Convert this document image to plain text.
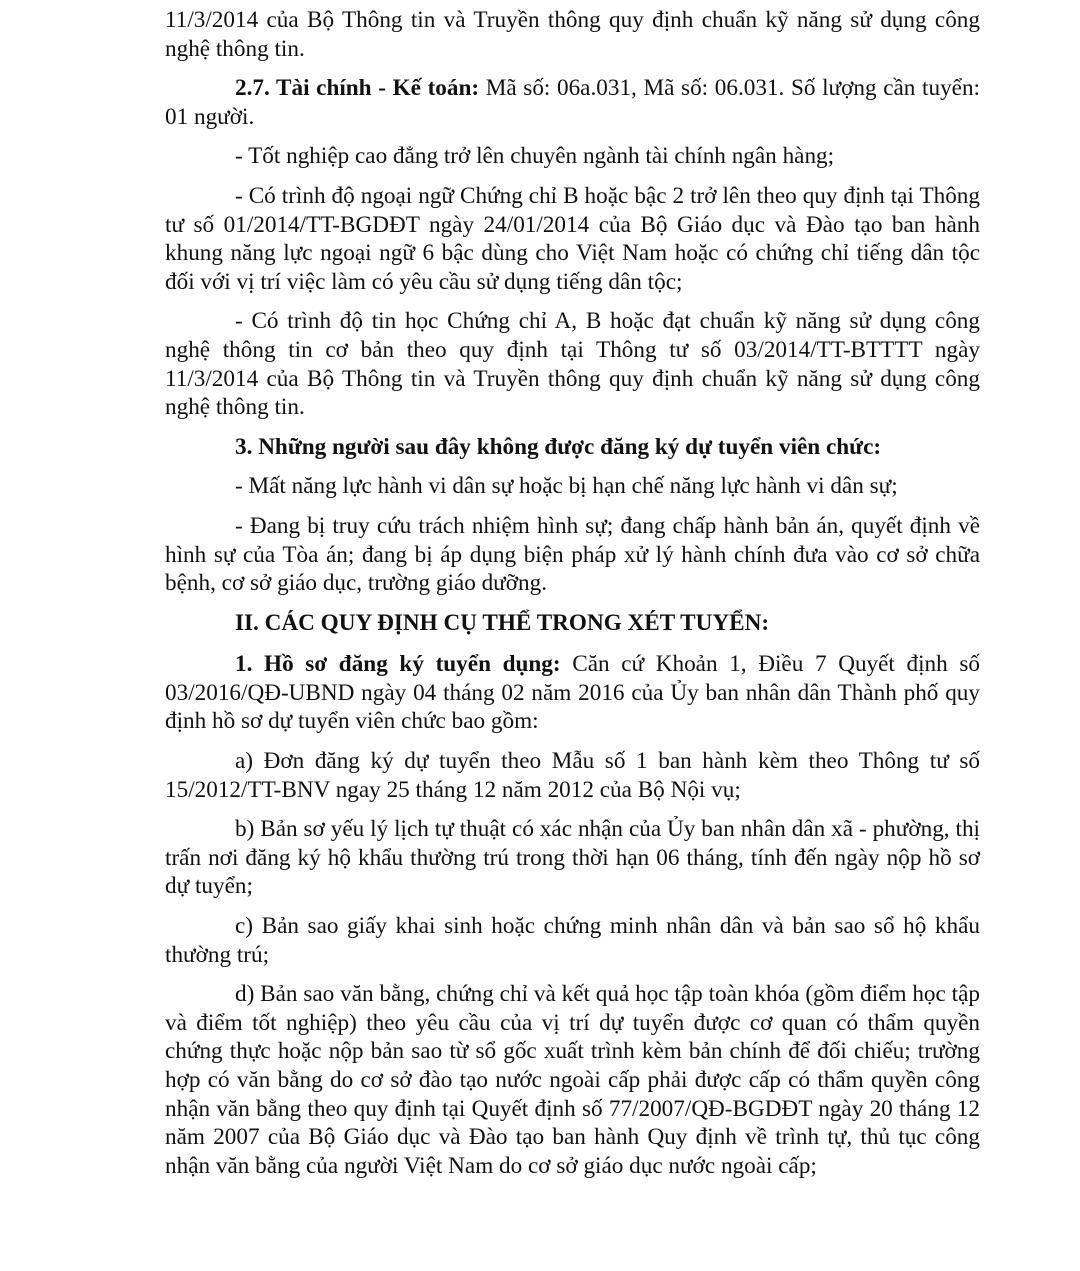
11/3/2014 của Bộ Thông tin và Truyền thông quy định chuẩn kỹ năng sử dụng công nghệ thông tin.

2.7. Tài chính - Kế toán: Mã số: 06a.031, Mã số: 06.031. Số lượng cần tuyển: 01 người.

- Tốt nghiệp cao đẳng trở lên chuyên ngành tài chính ngân hàng;

- Có trình độ ngoại ngữ Chứng chỉ B hoặc bậc 2 trở lên theo quy định tại Thông tư số 01/2014/TT-BGDĐT ngày 24/01/2014 của Bộ Giáo dục và Đào tạo ban hành khung năng lực ngoại ngữ 6 bậc dùng cho Việt Nam hoặc có chứng chỉ tiếng dân tộc đối với vị trí việc làm có yêu cầu sử dụng tiếng dân tộc;

- Có trình độ tin học Chứng chỉ A, B hoặc đạt chuẩn kỹ năng sử dụng công nghệ thông tin cơ bản theo quy định tại Thông tư số 03/2014/TT-BTTTT ngày 11/3/2014 của Bộ Thông tin và Truyền thông quy định chuẩn kỹ năng sử dụng công nghệ thông tin.

3. Những người sau đây không được đăng ký dự tuyển viên chức:

- Mất năng lực hành vi dân sự hoặc bị hạn chế năng lực hành vi dân sự;

- Đang bị truy cứu trách nhiệm hình sự; đang chấp hành bản án, quyết định về hình sự của Tòa án; đang bị áp dụng biện pháp xử lý hành chính đưa vào cơ sở chữa bệnh, cơ sở giáo dục, trường giáo dưỡng.

II. CÁC QUY ĐỊNH CỤ THỂ TRONG XÉT TUYỂN:

1. Hồ sơ đăng ký tuyển dụng: Căn cứ Khoản 1, Điều 7 Quyết định số 03/2016/QĐ-UBND ngày 04 tháng 02 năm 2016 của Ủy ban nhân dân Thành phố quy định hồ sơ dự tuyển viên chức bao gồm:

a) Đơn đăng ký dự tuyển theo Mẫu số 1 ban hành kèm theo Thông tư số 15/2012/TT-BNV ngay 25 tháng 12 năm 2012 của Bộ Nội vụ;

b) Bản sơ yếu lý lịch tự thuật có xác nhận của Ủy ban nhân dân xã - phường, thị trấn nơi đăng ký hộ khẩu thường trú trong thời hạn 06 tháng, tính đến ngày nộp hồ sơ dự tuyển;

c) Bản sao giấy khai sinh hoặc chứng minh nhân dân và bản sao sổ hộ khẩu thường trú;

d) Bản sao văn bằng, chứng chỉ và kết quả học tập toàn khóa (gồm điểm học tập và điểm tốt nghiệp) theo yêu cầu của vị trí dự tuyển được cơ quan có thẩm quyền chứng thực hoặc nộp bản sao từ sổ gốc xuất trình kèm bản chính để đối chiếu; trường hợp có văn bằng do cơ sở đào tạo nước ngoài cấp phải được cấp có thẩm quyền công nhận văn bằng theo quy định tại Quyết định số 77/2007/QĐ-BGDĐT ngày 20 tháng 12 năm 2007 của Bộ Giáo dục và Đào tạo ban hành Quy định về trình tự, thủ tục công nhận văn bằng của người Việt Nam do cơ sở giáo dục nước ngoài cấp;
